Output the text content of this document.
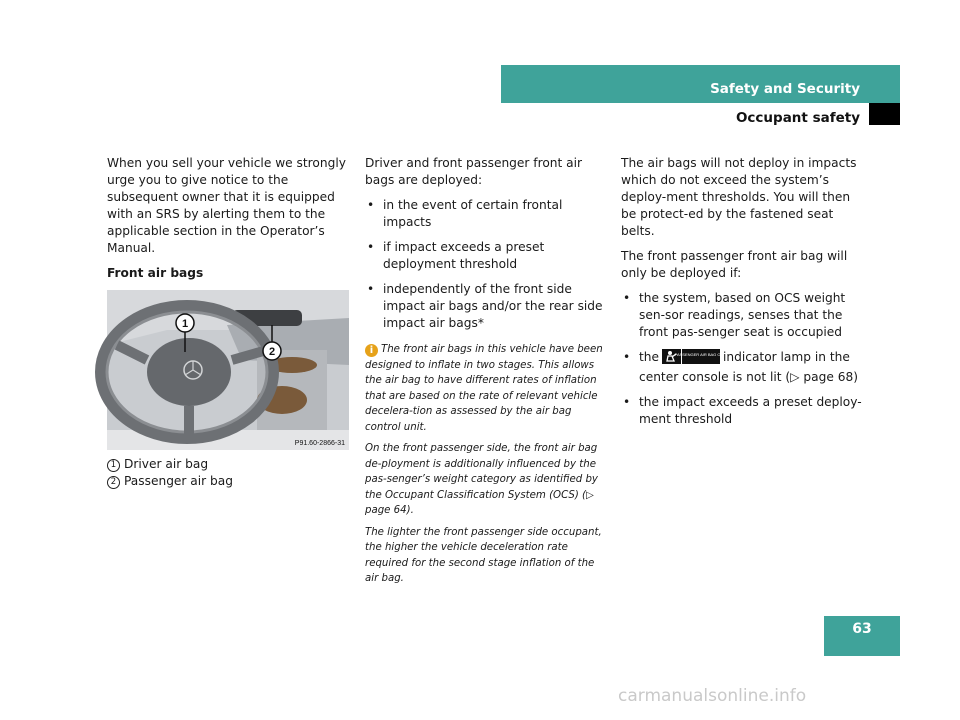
Safety and Security
Occupant safety

When you sell your vehicle we strongly urge you to give notice to the subsequent owner that it is equipped with an SRS by alerting them to the applicable section in the Operator’s Manual.

Front air bags

1
2
P91.60-2866-31
1 Driver air bag
2 Passenger air bag

Driver and front passenger front air bags are deployed:

• in the event of certain frontal impacts
• if impact exceeds a preset deployment threshold
• independently of the front side impact air bags and/or the rear side impact air bags*

i The front air bags in this vehicle have been designed to inflate in two stages. This allows the air bag to have different rates of inflation that are based on the rate of relevant vehicle decelera-tion as assessed by the air bag control unit.

On the front passenger side, the front air bag de-ployment is additionally influenced by the pas-senger’s weight category as identified by the Occupant Classification System (OCS) (▷ page 64).

The lighter the front passenger side occupant, the higher the vehicle deceleration rate required for the second stage inflation of the air bag.

The air bags will not deploy in impacts which do not exceed the system’s deploy-ment thresholds. You will then be protect-ed by the fastened seat belts.

The front passenger front air bag will only be deployed if:

• the system, based on OCS weight sen-sor readings, senses that the front pas-senger seat is occupied
• the	PASSENGER AIR BAG OFF
indicator lamp in the center console is not lit (▷ page 68)
• the impact exceeds a preset deploy-ment threshold
63
carmanualsonline.info
